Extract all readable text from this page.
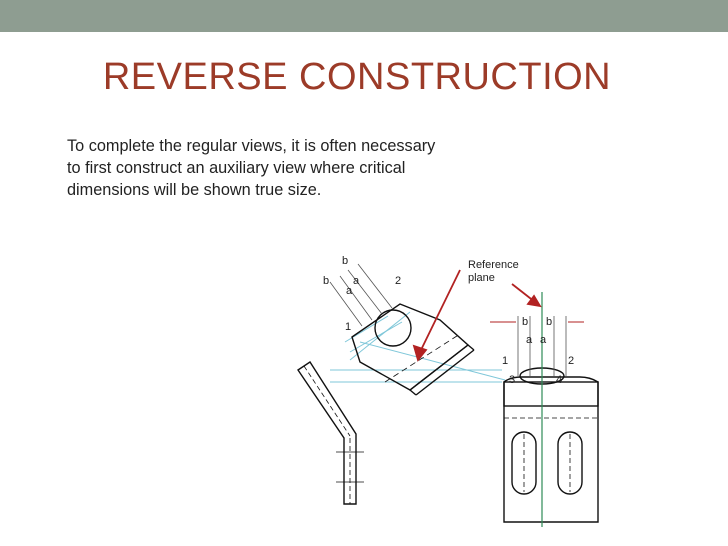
REVERSE CONSTRUCTION

To complete the regular views, it is often necessary to first construct an auxiliary view where critical dimensions will be shown true size.

Reference
plane
b
b a
a
2
1	b b
a a
1	2
3	4
